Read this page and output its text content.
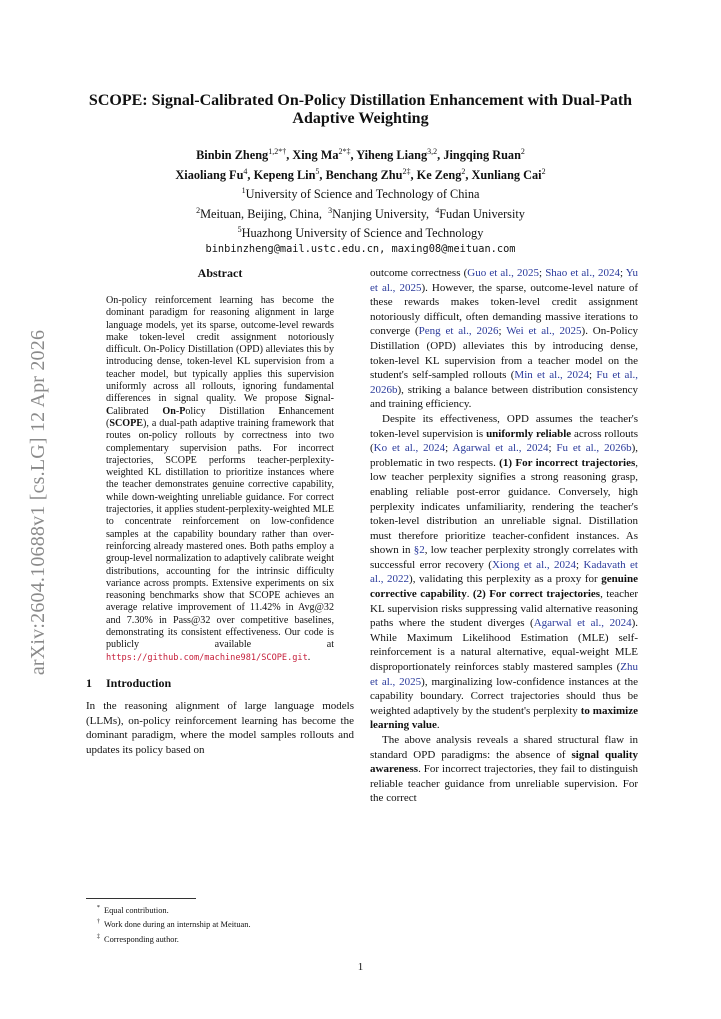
arXiv:2604.10688v1 [cs.LG] 12 Apr 2026
SCOPE: Signal-Calibrated On-Policy Distillation Enhancement with Dual-Path Adaptive Weighting
Binbin Zheng$^{1,2*\dagger}$, Xing $Ma^{2*\ddagger}$, Yiheng Liang$^{3,2}$, Jingqing Ruan$^2$
Xiaoliang Fu$^4$, Kepeng Lin$^5$, Benchang Zhu$^{2\ddagger}$, Ke Zeng$^2$, Xunliang Cai$^2$
$^1$University of Science and Technology of China
$^2$Meituan, Beijing, China, $^3$Nanjing University, $^4$Fudan University
$^5$Huazhong University of Science and Technology
binbinzheng@mail.ustc.edu.cn, maxing08@meituan.com
Abstract
On-policy reinforcement learning has become the dominant paradigm for reasoning alignment in large language models, yet its sparse, outcome-level rewards make token-level credit assignment notoriously difficult. On-Policy Distillation (OPD) alleviates this by introducing dense, token-level KL supervision from a teacher model, but typically applies this supervision uniformly across all rollouts, ignoring fundamental differences in signal quality. We propose Signal-Calibrated On-Policy Distillation Enhancement (SCOPE), a dual-path adaptive training framework that routes on-policy rollouts by correctness into two complementary supervision paths. For incorrect trajectories, SCOPE performs teacher-perplexity-weighted KL distillation to prioritize instances where the teacher demonstrates genuine corrective capability, while down-weighting unreliable guidance. For correct trajectories, it applies student-perplexity-weighted MLE to concentrate reinforcement on low-confidence samples at the capability boundary rather than over-reinforcing already mastered ones. Both paths employ a group-level normalization to adaptively calibrate weight distributions, accounting for the intrinsic difficulty variance across prompts. Extensive experiments on six reasoning benchmarks show that SCOPE achieves an average relative improvement of 11.42% in Avg@32 and 7.30% in Pass@32 over competitive baselines, demonstrating its consistent effectiveness. Our code is publicly available at https://github.com/machine981/SCOPE.git.
1 Introduction

In the reasoning alignment of large language models (LLMs), on-policy reinforcement learning has become the dominant paradigm, where the model samples rollouts and updates its policy based on

outcome correctness (Guo et al., 2025; Shao et al., 2024; Yu et al., 2025). However, the sparse, outcome-level nature of these rewards makes token-level credit assignment notoriously difficult, often demanding massive iterations to converge (Peng et al., 2026; Wei et al., 2025). On-Policy Distillation (OPD) alleviates this by introducing dense, token-level KL supervision from a teacher model on the student's self-sampled rollouts (Min et al., 2024; Fu et al., 2026b), striking a balance between distribution consistency and training efficiency.

Despite its effectiveness, OPD assumes the teacher's token-level supervision is uniformly reliable across rollouts (Ko et al., 2024; Agarwal et al., 2024; Fu et al., 2026b), problematic in two respects. (1) For incorrect trajectories, low teacher perplexity signifies a strong reasoning grasp, enabling reliable post-error guidance. Conversely, high perplexity indicates unfamiliarity, rendering the teacher's token-level distribution an unreliable signal. Distillation must therefore prioritize teacher-confident instances. As shown in §2, low teacher perplexity strongly correlates with successful error recovery (Xiong et al., 2024; Kadavath et al., 2022), validating this perplexity as a proxy for genuine corrective capability. (2) For correct trajectories, teacher KL supervision risks suppressing valid alternative reasoning paths where the student diverges (Agarwal et al., 2024). While Maximum Likelihood Estimation (MLE) self-reinforcement is a natural alternative, equal-weight MLE disproportionately reinforces stably mastered samples (Zhu et al., 2025), marginalizing low-confidence instances at the capability boundary. Correct trajectories should thus be weighted adaptively by the student's perplexity to maximize learning value.

The above analysis reveals a shared structural flaw in standard OPD paradigms: the absence of signal quality awareness. For incorrect trajectories, they fail to distinguish reliable teacher guidance from unreliable supervision. For the correct

* Equal contribution.
† Work done during an internship at Meituan.
‡ Corresponding author.
1
